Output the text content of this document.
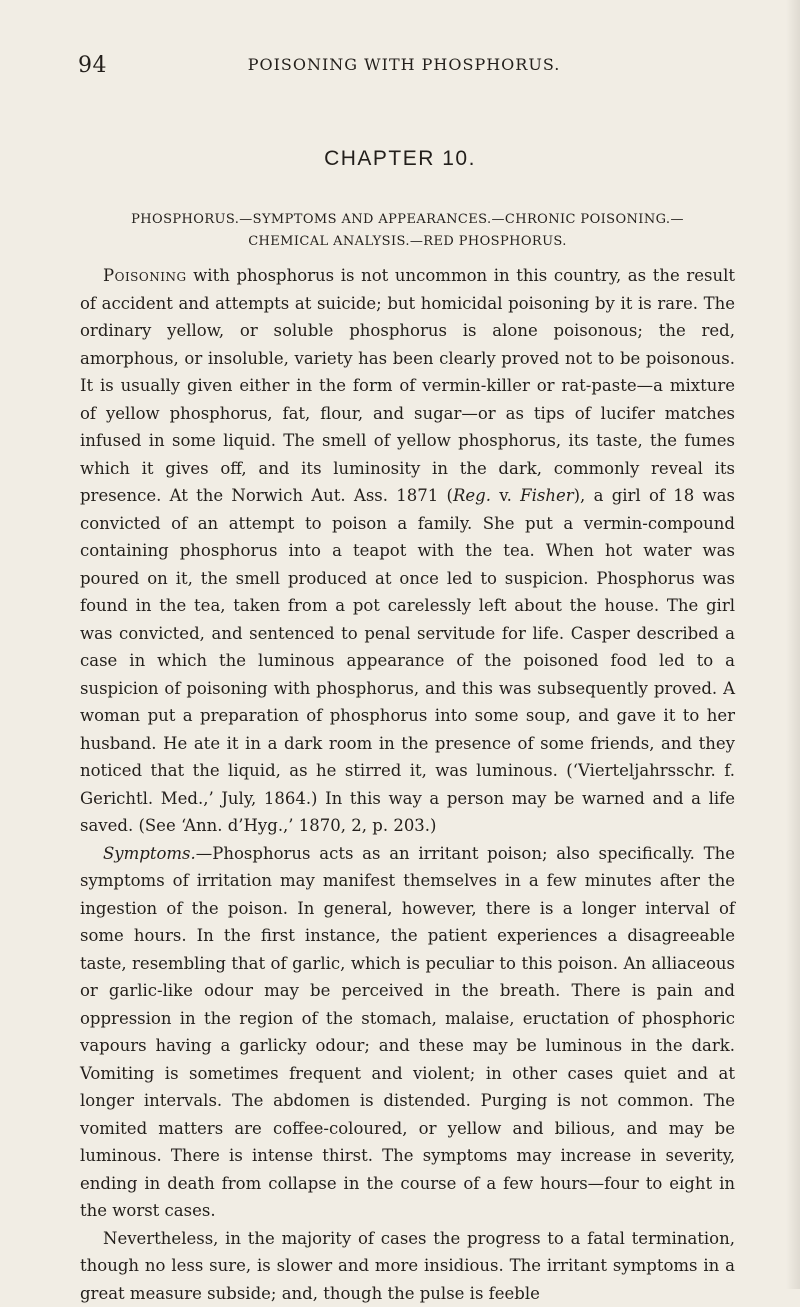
94	POISONING WITH PHOSPHORUS.
CHAPTER 10.
PHOSPHORUS.—SYMPTOMS AND APPEARANCES.—CHRONIC POISONING.—
CHEMICAL ANALYSIS.—RED PHOSPHORUS.

Poisoning with phosphorus is not uncommon in this country, as the result of accident and attempts at suicide; but homicidal poisoning by it is rare. The ordinary yellow, or soluble phosphorus is alone poisonous; the red, amorphous, or insoluble, variety has been clearly proved not to be poisonous. It is usually given either in the form of vermin-killer or rat-paste—a mixture of yellow phosphorus, fat, flour, and sugar—or as tips of lucifer matches infused in some liquid. The smell of yellow phosphorus, its taste, the fumes which it gives off, and its luminosity in the dark, commonly reveal its presence. At the Norwich Aut. Ass. 1871 (Reg. v. Fisher), a girl of 18 was convicted of an attempt to poison a family. She put a vermin-compound containing phosphorus into a teapot with the tea. When hot water was poured on it, the smell produced at once led to suspicion. Phosphorus was found in the tea, taken from a pot carelessly left about the house. The girl was convicted, and sentenced to penal servitude for life. Casper described a case in which the luminous appearance of the poisoned food led to a suspicion of poisoning with phosphorus, and this was subsequently proved. A woman put a preparation of phosphorus into some soup, and gave it to her husband. He ate it in a dark room in the presence of some friends, and they noticed that the liquid, as he stirred it, was luminous. (‘Vierteljahrsschr. f. Gerichtl. Med.,’ July, 1864.) In this way a person may be warned and a life saved. (See ‘Ann. d’Hyg.,’ 1870, 2, p. 203.)

Symptoms.—Phosphorus acts as an irritant poison; also specifically. The symptoms of irritation may manifest themselves in a few minutes after the ingestion of the poison. In general, however, there is a longer interval of some hours. In the first instance, the patient experiences a disagreeable taste, resembling that of garlic, which is peculiar to this poison. An alliaceous or garlic-like odour may be perceived in the breath. There is pain and oppression in the region of the stomach, malaise, eructation of phosphoric vapours having a garlicky odour; and these may be luminous in the dark. Vomiting is sometimes frequent and violent; in other cases quiet and at longer intervals. The abdomen is distended. Purging is not common. The vomited matters are coffee-coloured, or yellow and bilious, and may be luminous. There is intense thirst. The symptoms may increase in severity, ending in death from collapse in the course of a few hours—four to eight in the worst cases.

Nevertheless, in the majority of cases the progress to a fatal termination, though no less sure, is slower and more insidious. The irritant symptoms in a great measure subside; and, though the pulse is feeble
